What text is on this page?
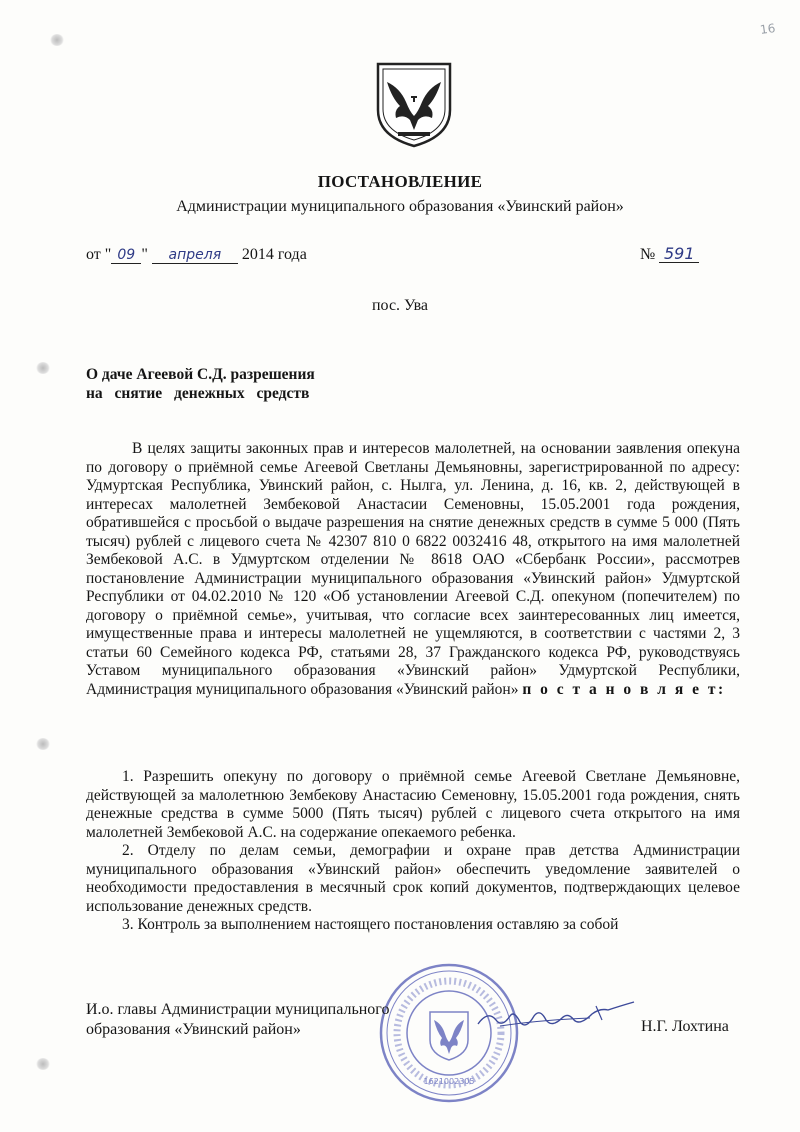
16
ПОСТАНОВЛЕНИЕ
Администрации муниципального образования «Увинский район»
от " 09 " апреля 2014 года	№ 591
пос. Ува
О даче Агеевой С.Д. разрешения
на снятие денежных средств

В целях защиты законных прав и интересов малолетней, на основании заявления опекуна по договору о приёмной семье Агеевой Светланы Демьяновны, зарегистрированной по адресу: Удмуртская Республика, Увинский район, с. Нылга, ул. Ленина, д. 16, кв. 2, действующей в интересах малолетней Зембековой Анастасии Семеновны, 15.05.2001 года рождения, обратившейся с просьбой о выдаче разрешения на снятие денежных средств в сумме 5 000 (Пять тысяч) рублей с лицевого счета № 42307 810 0 6822 0032416 48, открытого на имя малолетней Зембековой А.С. в Удмуртском отделении № 8618 ОАО «Сбербанк России», рассмотрев постановление Администрации муниципального образования «Увинский район» Удмуртской Республики от 04.02.2010 № 120 «Об установлении Агеевой С.Д. опекуном (попечителем) по договору о приёмной семье», учитывая, что согласие всех заинтересованных лиц имеется, имущественные права и интересы малолетней не ущемляются, в соответствии с частями 2, 3 статьи 60 Семейного кодекса РФ, статьями 28, 37 Гражданского кодекса РФ, руководствуясь Уставом муниципального образования «Увинский район» Удмуртской Республики, Администрация муниципального образования «Увинский район» п о с т а н о в л я е т:

1. Разрешить опекуну по договору о приёмной семье Агеевой Светлане Демьяновне, действующей за малолетнюю Зембекову Анастасию Семеновну, 15.05.2001 года рождения, снять денежные средства в сумме 5000 (Пять тысяч) рублей с лицевого счета открытого на имя малолетней Зембековой А.С. на содержание опекаемого ребенка.

2. Отделу по делам семьи, демографии и охране прав детства Администрации муниципального образования «Увинский район» обеспечить уведомление заявителей о необходимости предоставления в месячный срок копий документов, подтверждающих целевое использование денежных средств.

3. Контроль за выполнением настоящего постановления оставляю за собой

1621002305
И.о. главы Администрации муниципального
образования «Увинский район»	Н.Г. Лохтина
